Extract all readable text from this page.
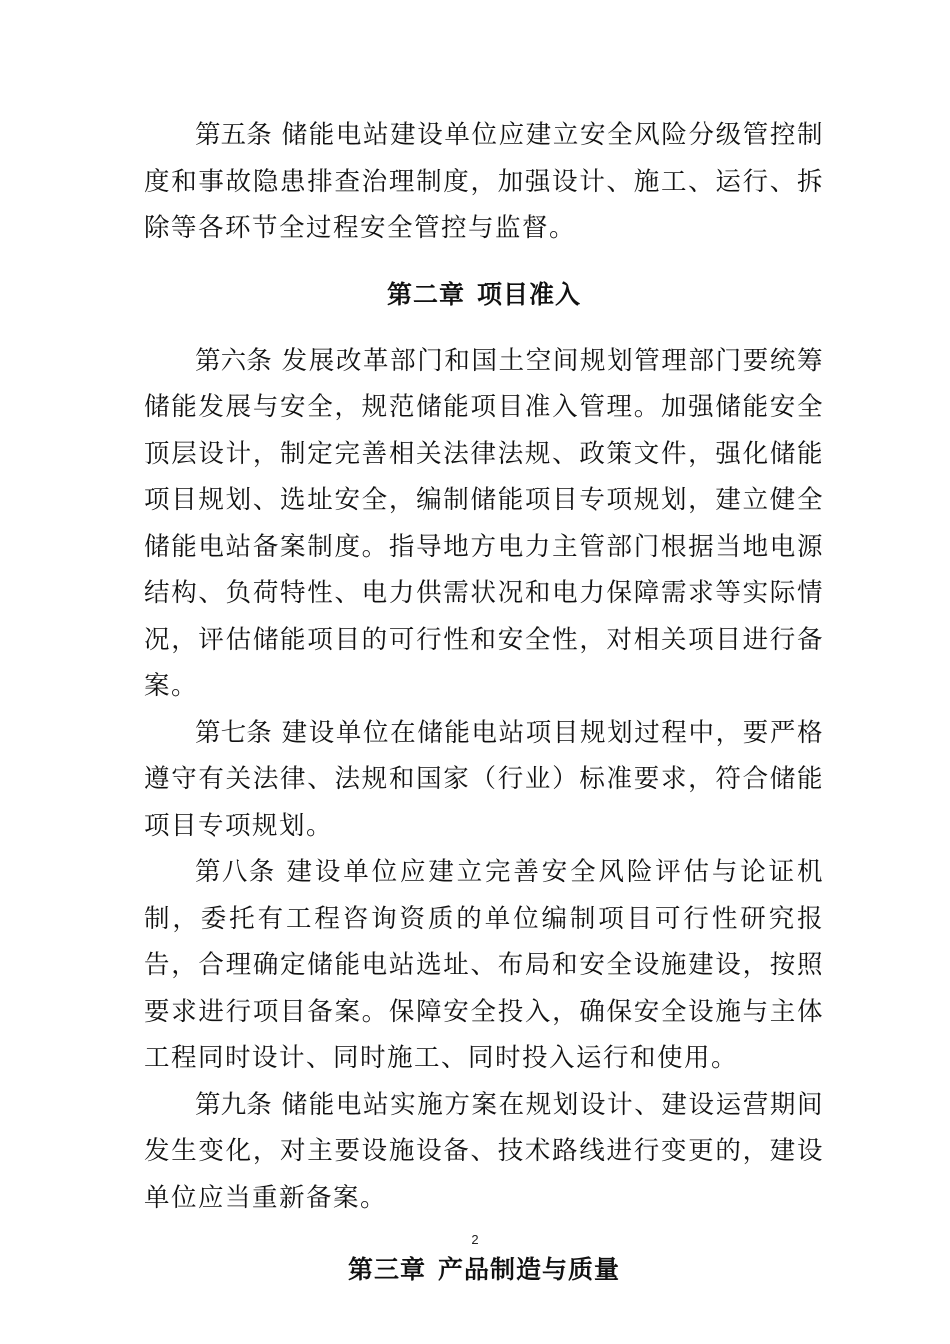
第五条 储能电站建设单位应建立安全风险分级管控制度和事故隐患排查治理制度，加强设计、施工、运行、拆除等各环节全过程安全管控与监督。

第二章 项目准入

第六条 发展改革部门和国土空间规划管理部门要统筹储能发展与安全，规范储能项目准入管理。加强储能安全顶层设计，制定完善相关法律法规、政策文件，强化储能项目规划、选址安全，编制储能项目专项规划，建立健全储能电站备案制度。指导地方电力主管部门根据当地电源结构、负荷特性、电力供需状况和电力保障需求等实际情况，评估储能项目的可行性和安全性，对相关项目进行备案。

第七条 建设单位在储能电站项目规划过程中，要严格遵守有关法律、法规和国家（行业）标准要求，符合储能项目专项规划。

第八条 建设单位应建立完善安全风险评估与论证机制，委托有工程咨询资质的单位编制项目可行性研究报告，合理确定储能电站选址、布局和安全设施建设，按照要求进行项目备案。保障安全投入，确保安全设施与主体工程同时设计、同时施工、同时投入运行和使用。

第九条 储能电站实施方案在规划设计、建设运营期间发生变化，对主要设施设备、技术路线进行变更的，建设单位应当重新备案。

第三章 产品制造与质量
2
